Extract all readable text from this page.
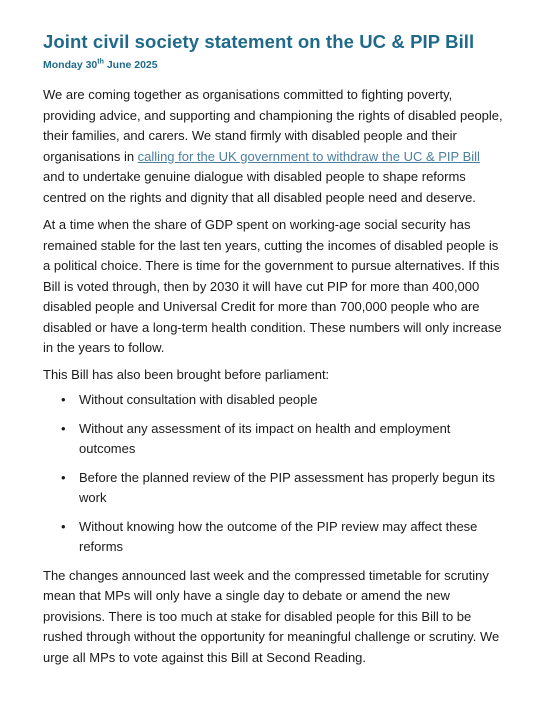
Joint civil society statement on the UC & PIP Bill

Monday 30th June 2025

We are coming together as organisations committed to fighting poverty, providing advice, and supporting and championing the rights of disabled people, their families, and carers. We stand firmly with disabled people and their organisations in calling for the UK government to withdraw the UC & PIP Bill and to undertake genuine dialogue with disabled people to shape reforms centred on the rights and dignity that all disabled people need and deserve.

At a time when the share of GDP spent on working-age social security has remained stable for the last ten years, cutting the incomes of disabled people is a political choice. There is time for the government to pursue alternatives. If this Bill is voted through, then by 2030 it will have cut PIP for more than 400,000 disabled people and Universal Credit for more than 700,000 people who are disabled or have a long-term health condition. These numbers will only increase in the years to follow.

This Bill has also been brought before parliament:

• Without consultation with disabled people
• Without any assessment of its impact on health and employment outcomes
• Before the planned review of the PIP assessment has properly begun its work
• Without knowing how the outcome of the PIP review may affect these reforms

The changes announced last week and the compressed timetable for scrutiny mean that MPs will only have a single day to debate or amend the new provisions. There is too much at stake for disabled people for this Bill to be rushed through without the opportunity for meaningful challenge or scrutiny. We urge all MPs to vote against this Bill at Second Reading.
